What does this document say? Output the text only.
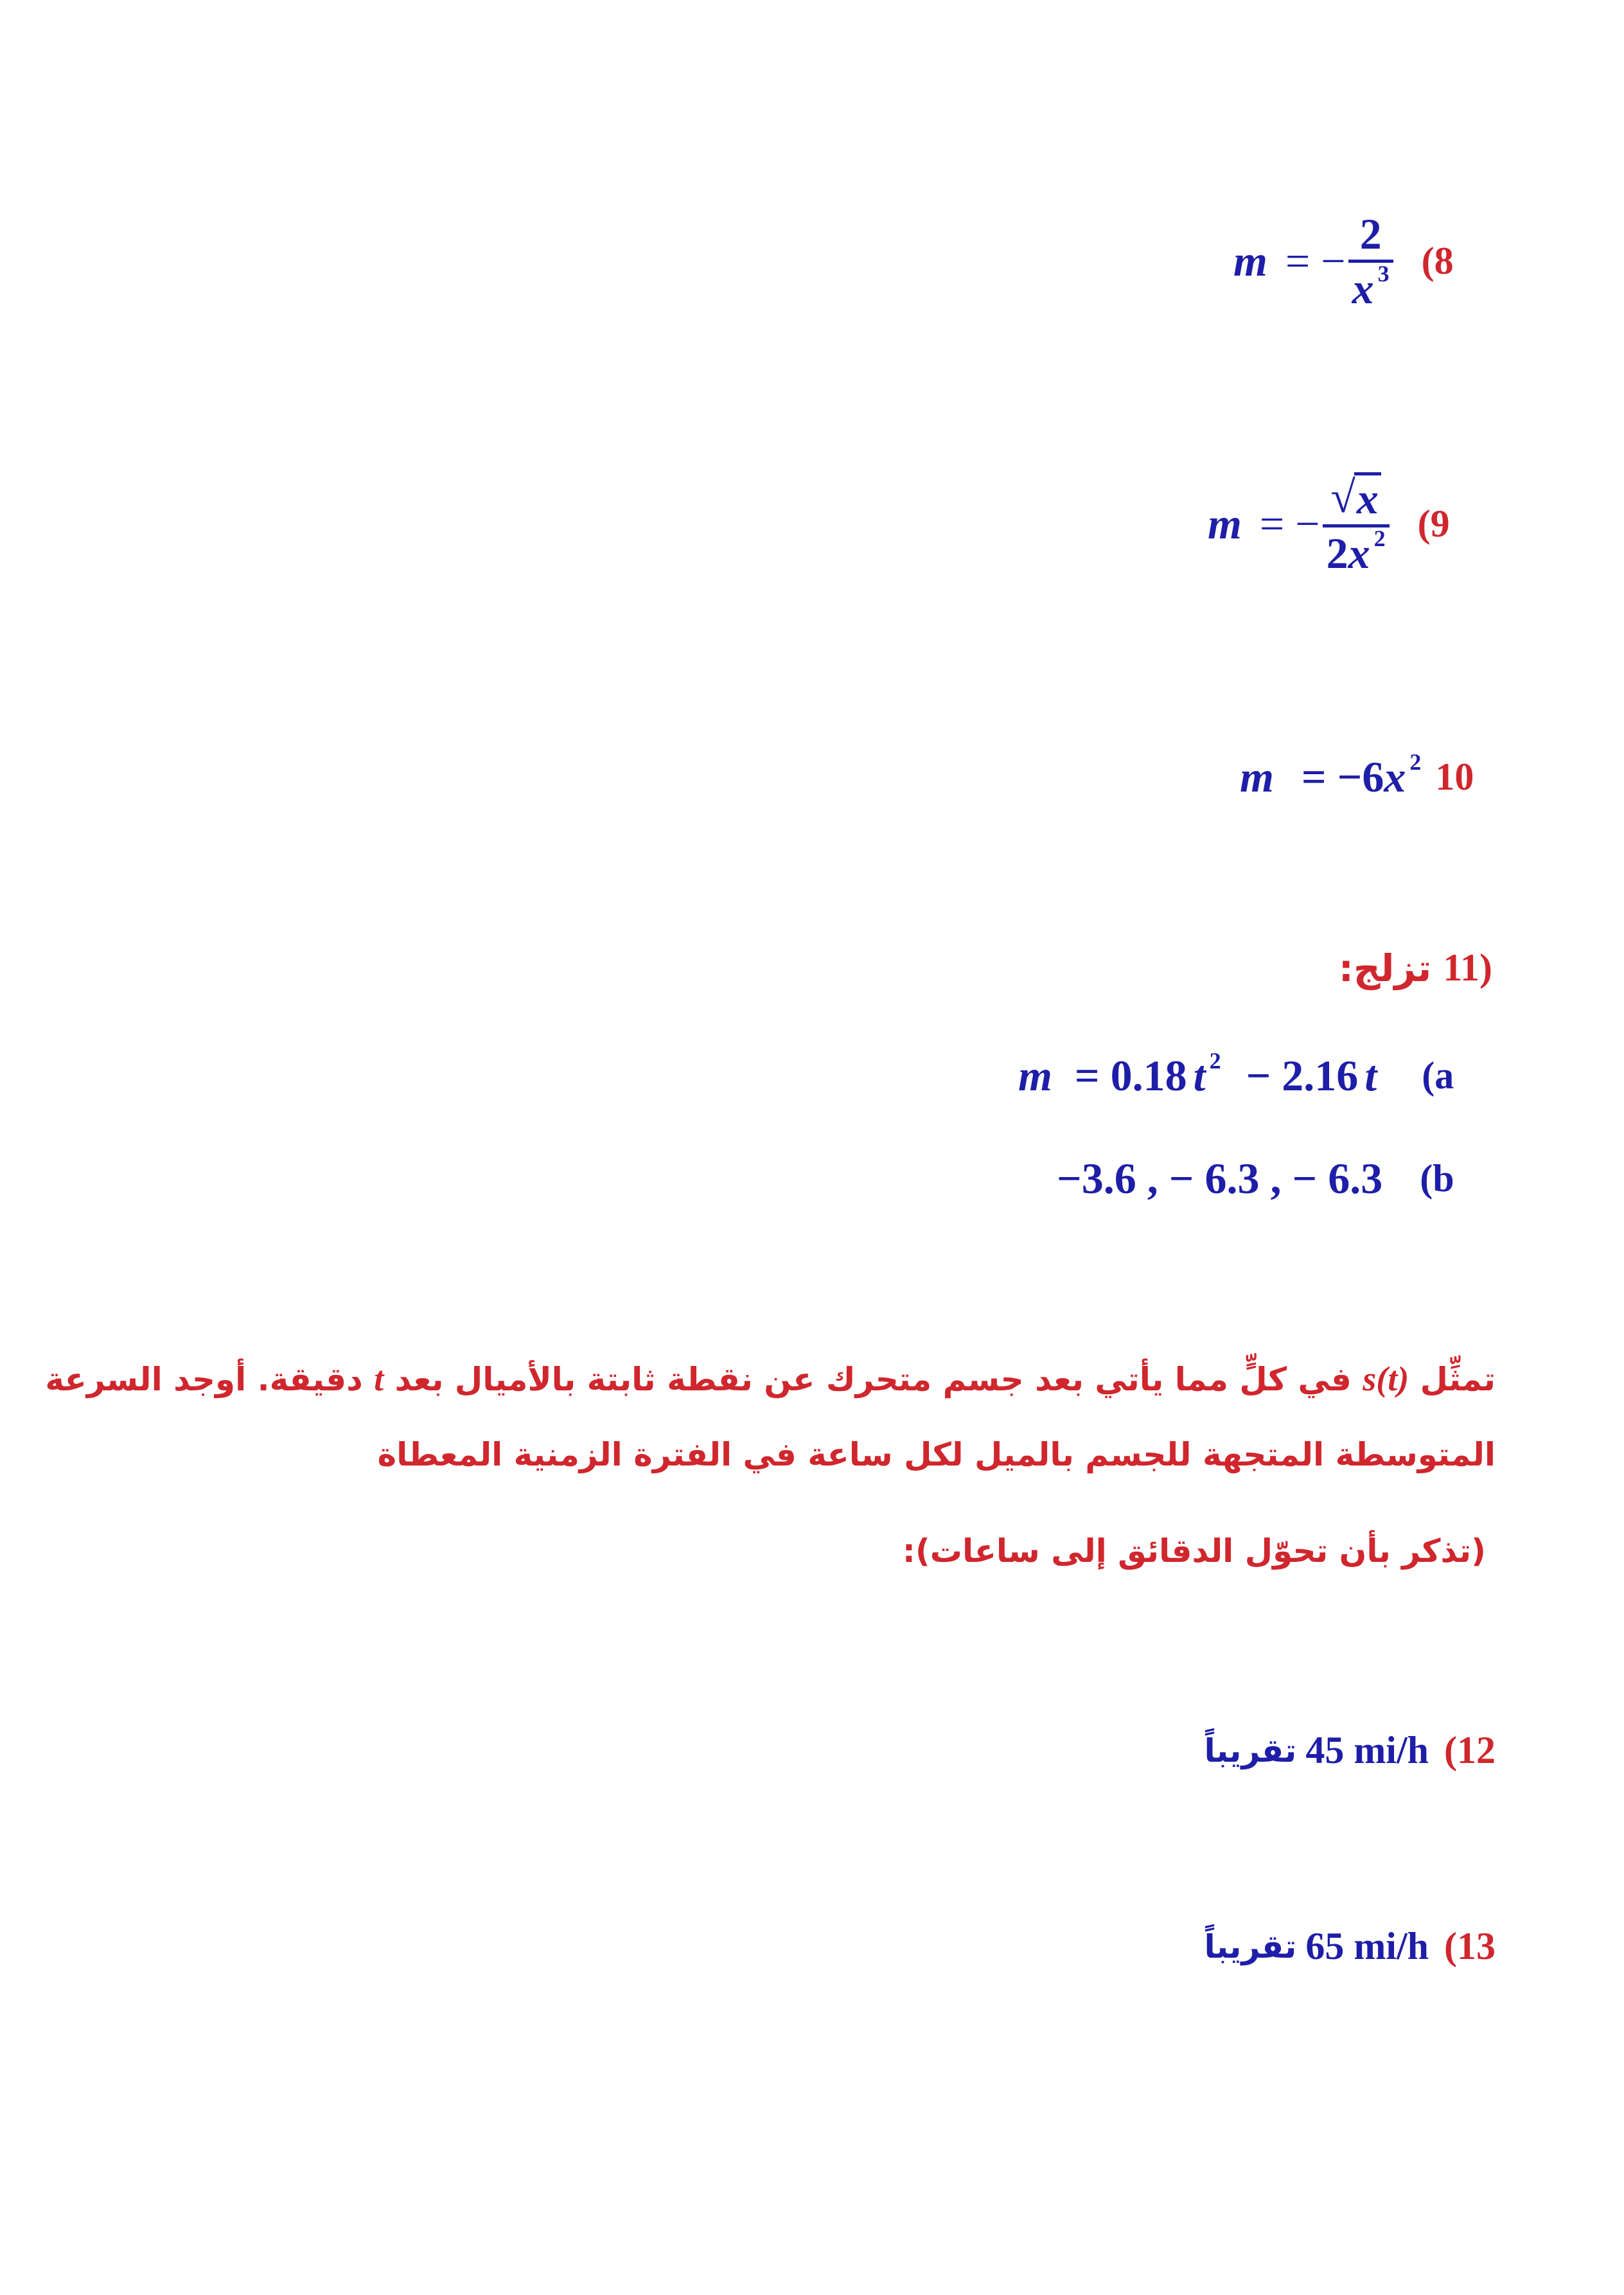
m = −
2
x $^3$ (8
m = −
√ x
2x $^2$ (9
m = −6x $^2$ 10
11)
تزلج:
m = 0.18 t $^2$ − 2.16 t (a
−3.6 , − 6.3 , − 6.3 (b
تمثِّل s(t) في كلٍّ مما يأتي بعد جسم متحرك عن نقطة ثابتة بالأميال بعد t دقيقة. أوجد السرعة
المتوسطة المتجهة للجسم بالميل لكل ساعة في الفترة الزمنية المعطاة
(تذكر بأن تحوّل الدقائق إلى ساعات):
(12
45 mi/h
تقريباً
(13
65 mi/h
تقريباً
